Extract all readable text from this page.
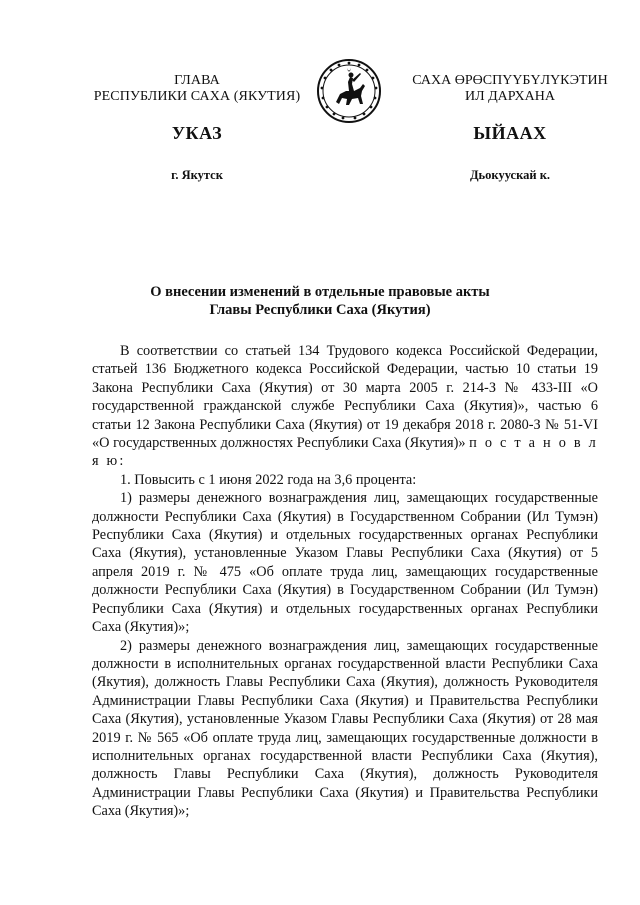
ГЛАВА
РЕСПУБЛИКИ САХА (ЯКУТИЯ)
САХА ӨРӨСПҮҮБҮЛҮКЭТИН
ИЛ ДАРХАНА
УКАЗ	ЫЙААХ
г. Якутск	Дьокуускай к.
О внесении изменений в отдельные правовые акты
Главы Республики Саха (Якутия)

В соответствии со статьей 134 Трудового кодекса Российской Федерации, статьей 136 Бюджетного кодекса Российской Федерации, частью 10 статьи 19 Закона Республики Саха (Якутия) от 30 марта 2005 г. 214-З № 433-III «О государственной гражданской службе Республики Саха (Якутия)», частью 6 статьи 12 Закона Республики Саха (Якутия) от 19 декабря 2018 г. 2080-З № 51-VI «О государственных должностях Республики Саха (Якутия)» п о с т а н о в л я ю:

1. Повысить с 1 июня 2022 года на 3,6 процента:

1) размеры денежного вознаграждения лиц, замещающих государственные должности Республики Саха (Якутия) в Государственном Собрании (Ил Тумэн) Республики Саха (Якутия) и отдельных государственных органах Республики Саха (Якутия), установленные Указом Главы Республики Саха (Якутия) от 5 апреля 2019 г. № 475 «Об оплате труда лиц, замещающих государственные должности Республики Саха (Якутия) в Государственном Собрании (Ил Тумэн) Республики Саха (Якутия) и отдельных государственных органах Республики Саха (Якутия)»;

2) размеры денежного вознаграждения лиц, замещающих государственные должности в исполнительных органах государственной власти Республики Саха (Якутия), должность Главы Республики Саха (Якутия), должность Руководителя Администрации Главы Республики Саха (Якутия) и Правительства Республики Саха (Якутия), установленные Указом Главы Республики Саха (Якутия) от 28 мая 2019 г. № 565 «Об оплате труда лиц, замещающих государственные должности в исполнительных органах государственной власти Республики Саха (Якутия), должность Главы Республики Саха (Якутия), должность Руководителя Администрации Главы Республики Саха (Якутия) и Правительства Республики Саха (Якутия)»;
